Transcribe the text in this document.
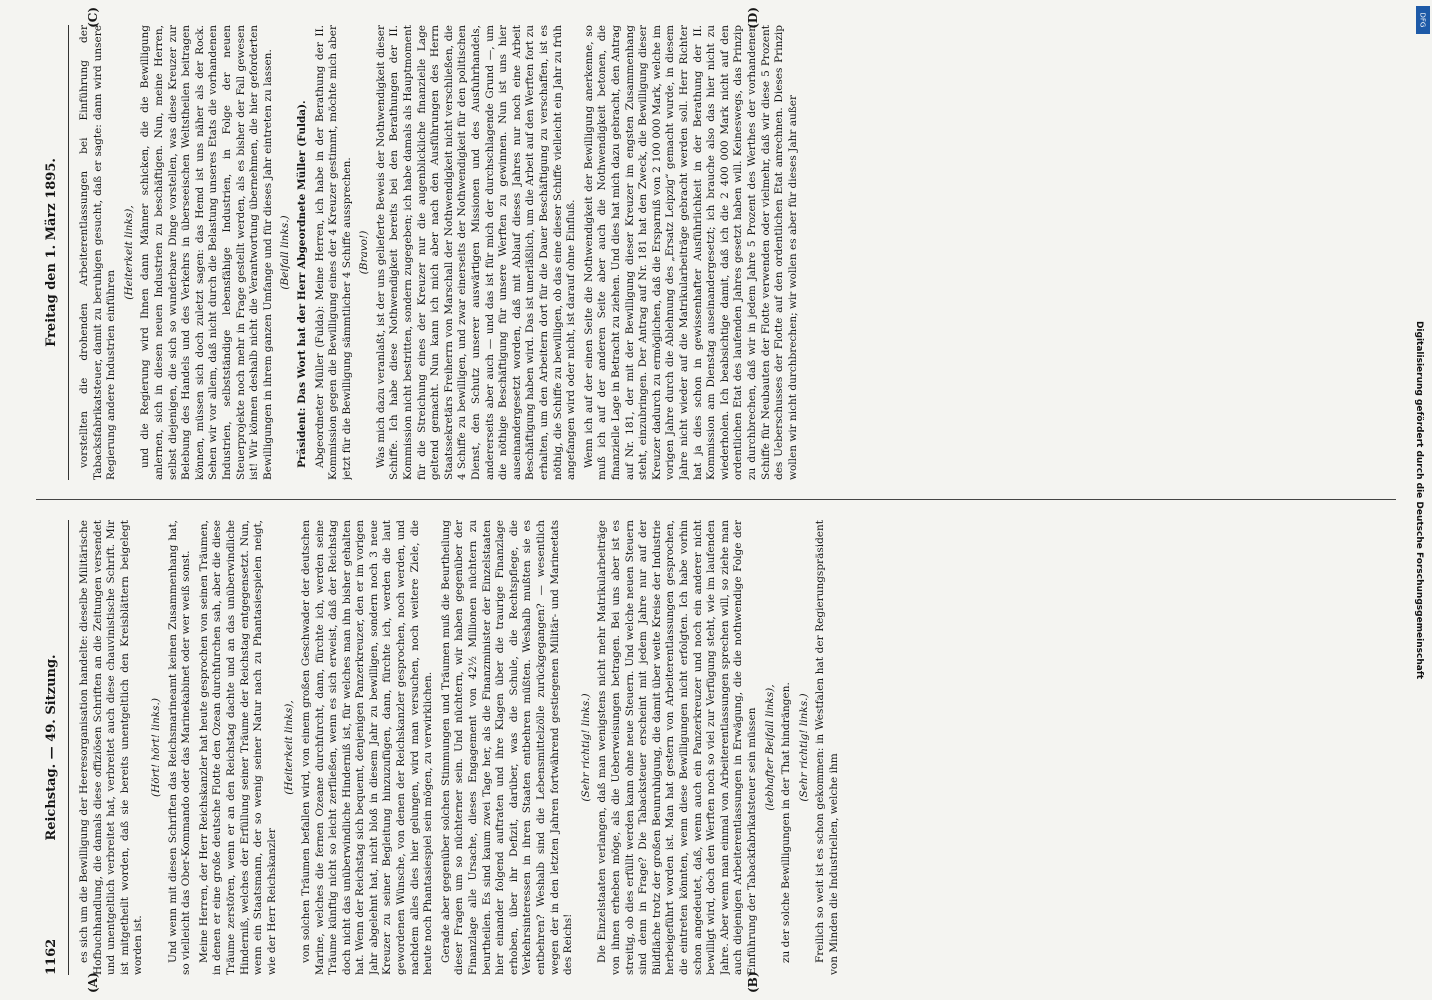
1162
Reichstag. — 49. Sitzung.
(A)	(B)

es sich um die Bewilligung der Heeresorganisation handelte: dieselbe Militärische Hofbuchhandlung, die damals diese offiziösen Schriften an die Zeitungen versendet und unentgeltlich verbreitet hat, verbreitet auch diese chauvinistische Schrift. Mir ist mitgetheilt worden, daß sie bereits unentgeltlich den Kreisblättern beigelegt worden ist.

(Hört! hört! links.) Und wenn mit diesen Schriften das Reichsmarineamt keinen Zusammenhang hat, so vielleicht das Ober-Kommando oder das Marinekabinet oder wer weiß sonst. Meine Herren, der Herr Reichskanzler hat heute gesprochen von seinen Träumen, in denen er eine große deutsche Flotte den Ozean durchfurchen sah, aber die diese Träume zerstören, wenn er an den Reichstag dachte und an das unüberwindliche Hinderniß, welches der Erfüllung seiner Träume der Reichstag entgegensetzt. Nun, wenn ein Staatsmann, der so wenig seiner Natur nach zu Phantasiespielen neigt, wie der Herr Reichskanzler

(Heiterkeit links), von solchen Träumen befallen wird, von einem großen Geschwader der deutschen Marine, welches die fernen Ozeane durchfurcht, dann, fürchte ich, werden seine Träume künftig nicht so leicht zerfließen, wenn es sich erweist, daß der Reichstag doch nicht das unüberwindliche Hinderniß ist, für welches man ihn bisher gehalten hat. Wenn der Reichstag sich bequemt, denjenigen Panzerkreuzer, den er im vorigen Jahr abgelehnt hat, nicht bloß in diesem Jahr zu bewilligen, sondern noch 3 neue Kreuzer zu seiner Begleitung hinzuzufügen, dann, fürchte ich, werden die laut gewordenen Wünsche, von denen der Reichskanzler gesprochen, noch werden, und nachdem alles dies hier gelungen, wird man versuchen, noch weitere Ziele, die heute noch Phantasiespiel sein mögen, zu verwirklichen. Gerade aber gegenüber solchen Stimmungen und Träumen muß die Beurtheilung dieser Fragen um so nüchterner sein. Und nüchtern, wir haben gegenüber der Finanzlage alle Ursache, dieses Engagement von 42½ Millionen nüchtern zu beurtheilen. Es sind kaum zwei Tage her, als die Finanzminister der Einzelstaaten hier einander folgend auftraten und ihre Klagen über die traurige Finanzlage erhoben, über ihr Defizit, darüber, was die Schule, die Rechtspflege, die Verkehrsinteressen in ihren Staaten entbehren müßten. Weshalb mußten sie es entbehren? Weshalb sind die Lebensmittelzölle zurückgegangen? — wesentlich wegen der in den letzten Jahren fortwährend gestiegenen Militär- und Marineetats des Reichs!

(Sehr richtig! links.) Die Einzelstaaten verlangen, daß man wenigstens nicht mehr Matrikularbeiträge von ihnen erheben möge, als die Ueberweisungen betragen. Bei uns aber ist es streitig, ob dies erfüllt werden kann ohne neue Steuern. Und welche neuen Steuern sind denn in Frage? Die Tabacksteuer erscheint mit jedem Jahre nur auf der Bildfläche trotz der großen Beunruhigung, die damit über weite Kreise der Industrie herbeigeführt worden ist. Man hat gestern von Arbeiterentlassungen gesprochen, die eintreten könnten, wenn diese Bewilligungen nicht erfolgten. Ich habe vorhin schon angedeutet, daß, wenn auch ein Panzerkreuzer und noch ein anderer nicht bewilligt wird, doch den Werften noch so viel zur Verfügung steht, wie im laufenden Jahre. Aber wenn man einmal von Arbeiterentlassungen sprechen will, so ziehe man auch diejenigen Arbeiterentlassungen in Erwägung, die die nothwendige Folge der Einführung der Tabackfabrikatsteuer sein müssen (lebhafter Beifall links), zu der solche Bewilligungen in der That hindrängen. (Sehr richtig! links.) Freilich so weit ist es schon gekommen: in Westfalen hat der Regierungspräsident von Minden die Industriellen, welche ihm

Freitag den 1. März 1895.
(C)	(D)

vorstellten die drohenden Arbeiterentlassungen bei Einführung der Tabacksfabrikatsteuer, damit zu beruhigen gesucht, daß er sagte: dann wird unsere Regierung andere Industrien einführen

(Heiterkeit links), und die Regierung wird Ihnen dann Männer schicken, die die Bewilligung anlernen, sich in diesen neuen Industrien zu beschäftigen. Nun, meine Herren, selbst diejenigen, die sich so wunderbare Dinge vorstellen, was diese Kreuzer zur Belebung des Handels und des Verkehrs in überseeischen Weltstheilen beitragen können, müssen sich doch zuletzt sagen: das Hemd ist uns näher als der Rock. Sehen wir vor allem, daß nicht durch die Belastung unseres Etats die vorhandenen Industrien, selbstständige lebensfähige Industrien, in Folge der neuen Steuerprojekte noch mehr in Frage gestellt werden, als es bisher der Fall gewesen ist! Wir können deshalb nicht die Verantwortung übernehmen, die hier geforderten Bewilligungen in ihrem ganzen Umfange und für dieses Jahr eintreten zu lassen. (Beifall links.) Präsident: Das Wort hat der Herr Abgeordnete Müller (Fulda). Abgeordneter Müller (Fulda): Meine Herren, ich habe in der Berathung der II. Kommission gegen die Bewilligung eines der 4 Kreuzer gestimmt, möchte mich aber jetzt für die Bewilligung sämmtlicher 4 Schiffe aussprechen. (Bravo!) Was mich dazu veranlaßt, ist der uns gelieferte Beweis der Nothwendigkeit dieser Schiffe. Ich habe diese Nothwendigkeit bereits bei den Berathungen der II. Kommission nicht bestritten, sondern zugegeben; ich habe damals als Hauptmoment für die Streichung eines der Kreuzer nur die augenblickliche finanzielle Lage geltend gemacht. Nun kann ich mich aber nach den Ausführungen des Herrn Staatssekretärs Freiherrn von Marschall der Nothwendigkeit nicht verschließen, die 4 Schiffe zu bewilligen, und zwar einerseits der Nothwendigkeit für den politischen Dienst, den Schutz unserer auswärtigen Missionen und des Ausfuhrhandels, andererseits aber auch — und das ist für mich der durchschlagende Grund —, um die nöthige Beschäftigung für unsere Werften zu gewinnen. Nun ist uns hier auseinandergesetzt worden, daß mit Ablauf dieses Jahres nur noch eine Arbeit Beschäftigung haben wird. Das ist unerläßlich, um die Arbeit auf den Werften fort zu erhalten, um den Arbeitern dort für die Dauer Beschäftigung zu verschaffen, ist es nöthig, die Schiffe zu bewilligen, ob das eine dieser Schiffe vielleicht ein Jahr zu früh angefangen wird oder nicht, ist darauf ohne Einfluß. Wenn ich auf der einen Seite die Nothwendigkeit der Bewilligung anerkenne, so muß ich auf der anderen Seite aber auch die Nothwendigkeit betonen, die finanzielle Lage in Betracht zu ziehen. Und dies hat mich dazu gebracht, den Antrag auf Nr. 181, der mit der Bewilligung dieser Kreuzer im engsten Zusammenhang steht, einzubringen. Der Antrag auf Nr. 181 hat den Zweck, die Bewilligung dieser Kreuzer dadurch zu ermöglichen, daß die Ersparniß von 2 100 000 Mark, welche im vorigen Jahre durch die Ablehnung des „Ersatz Leipzig“ gemacht wurde, in diesem Jahre nicht wieder auf die Matrikularbeiträge gebracht werden soll. Herr Richter hat ja dies schon in gewissenhafter Ausführlichkeit in der Berathung der II. Kommission am Dienstag auseinandergesetzt; ich brauche also das hier nicht zu wiederholen. Ich beabsichtige damit, daß ich die 2 400 000 Mark nicht auf den ordentlichen Etat des laufenden Jahres gesetzt haben will. Keineswegs, das Prinzip zu durchbrechen, daß wir in jedem Jahre 5 Prozent des Werthes der vorhandenen Schiffe für Neubauten der Flotte verwenden oder vielmehr, daß wir diese 5 Prozent des Ueberschusses der Flotte auf den ordentlichen Etat anrechnen. Dieses Prinzip wollen wir nicht durchbrechen; wir wollen es aber für dieses Jahr außer

Digitalisierung gefördert durch die Deutsche Forschungsgemeinschaft
DFG
